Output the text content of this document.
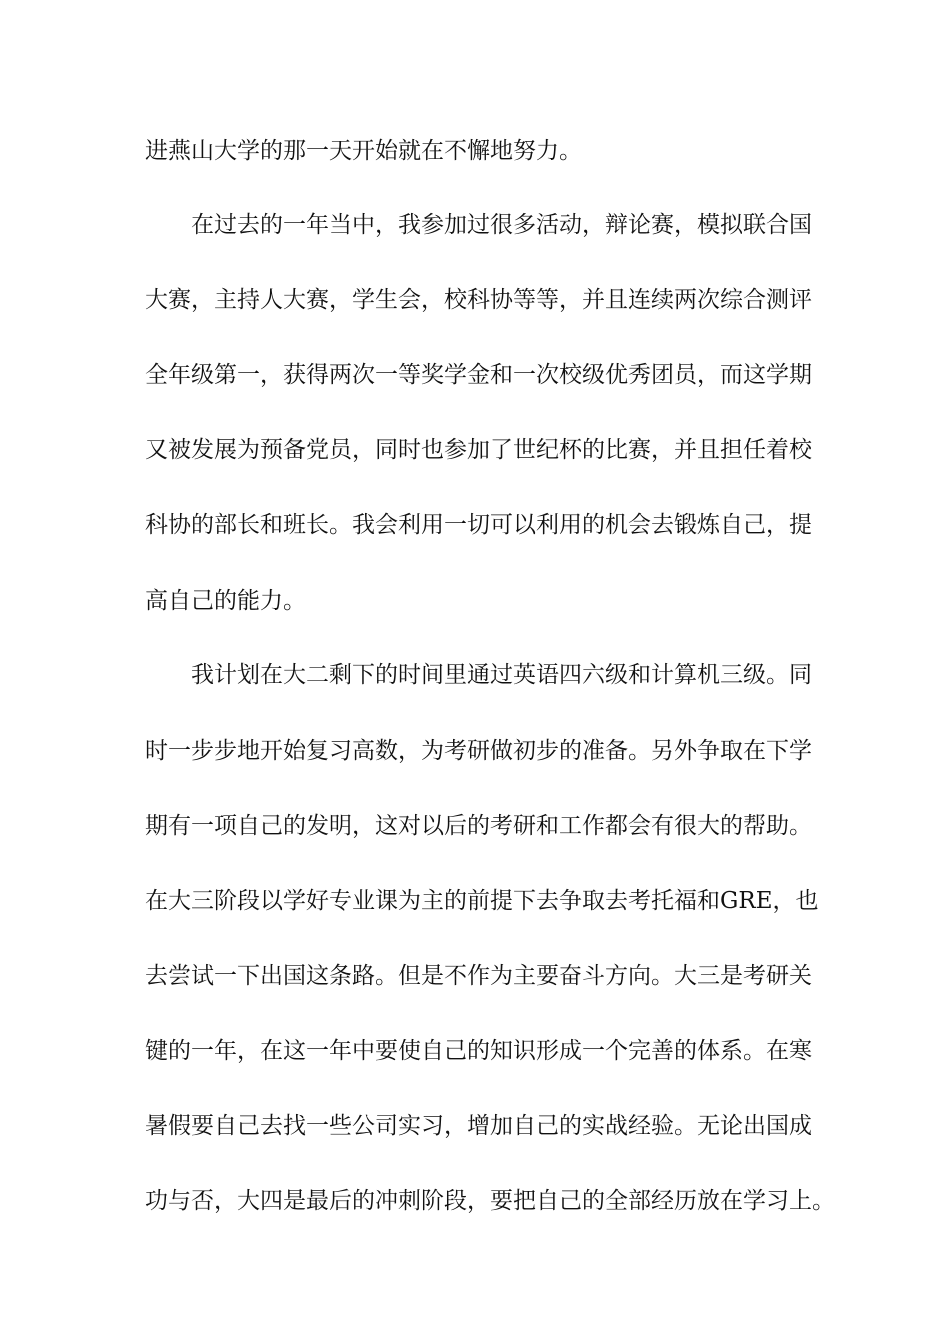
进燕山大学的那一天开始就在不懈地努力。
在过去的一年当中，我参加过很多活动，辩论赛，模拟联合国
大赛，主持人大赛，学生会，校科协等等，并且连续两次综合测评
全年级第一，获得两次一等奖学金和一次校级优秀团员，而这学期
又被发展为预备党员，同时也参加了世纪杯的比赛，并且担任着校
科协的部长和班长。我会利用一切可以利用的机会去锻炼自己，提
高自己的能力。
我计划在大二剩下的时间里通过英语四六级和计算机三级。同
时一步步地开始复习高数，为考研做初步的准备。另外争取在下学
期有一项自己的发明，这对以后的考研和工作都会有很大的帮助。
在大三阶段以学好专业课为主的前提下去争取去考托福和GRE，也
去尝试一下出国这条路。但是不作为主要奋斗方向。大三是考研关
键的一年，在这一年中要使自己的知识形成一个完善的体系。在寒
暑假要自己去找一些公司实习，增加自己的实战经验。无论出国成
功与否，大四是最后的冲刺阶段，要把自己的全部经历放在学习上。
